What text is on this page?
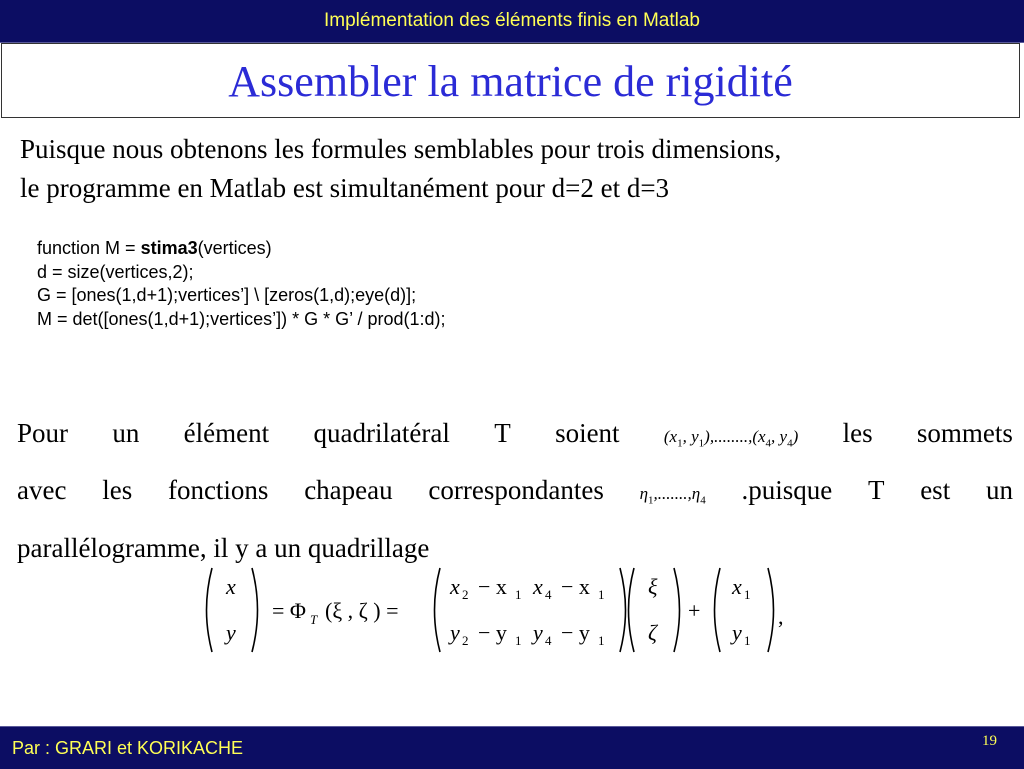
Implémentation des éléments finis en Matlab
Assembler la matrice de rigidité
Puisque nous obtenons les formules semblables pour trois dimensions,
le programme en Matlab est simultanément pour d=2 et d=3
function M = stima3(vertices)
d = size(vertices,2);
G = [ones(1,d+1);vertices’] \ [zeros(1,d);eye(d)];
M = det([ones(1,d+1);vertices’]) * G * G’ / prod(1:d);
Pour un élément quadrilatéral T soient	($x_1$, $y_1),........,(x_4$, $y_4$) les sommets
avec les fonctions chapeau correspondantes $\eta_1,.......,\eta_4$ .puisque T est un
parallélogramme, il y a un quadrillage
x
y
= Φ T (ξ , ζ ) =
x 2 − x 1 x 4 − x 1
y 2 − y 1 y 4 − y 1
ξ
ζ
+
x 1
y 1
,
Par : GRARI et KORIKACHE	19
